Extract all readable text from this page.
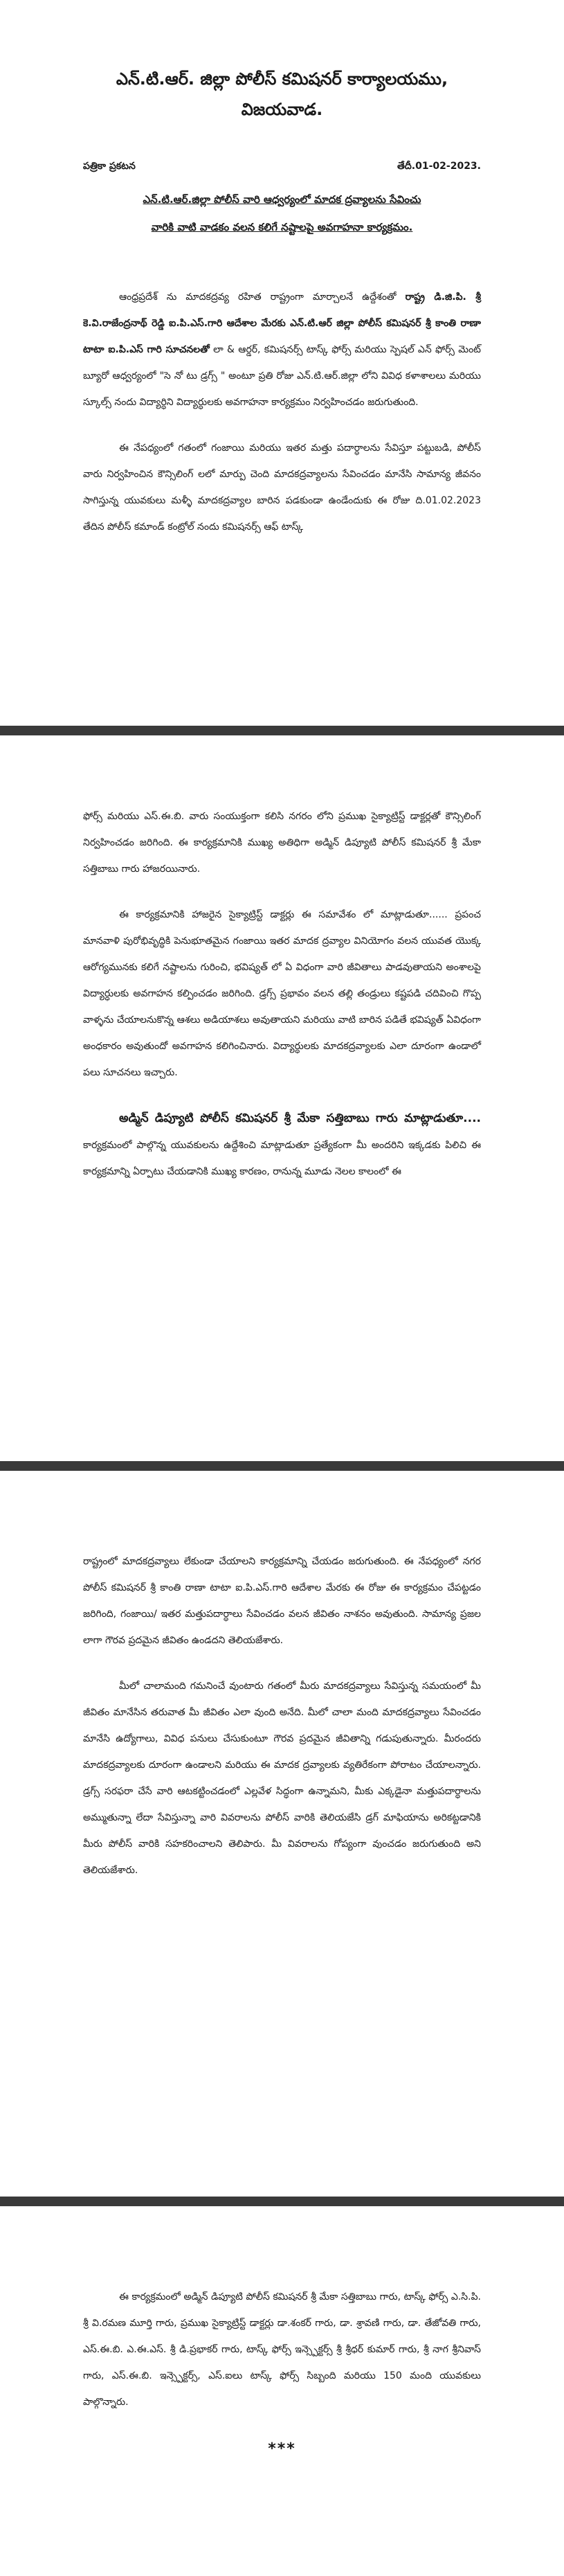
ఎన్.టి.ఆర్. జిల్లా పోలీస్ కమిషనర్ కార్యాలయము,
విజయవాడ.
పత్రికా ప్రకటన	తేదీ.01-02-2023.
ఎన్.టి.ఆర్.జిల్లా పోలీస్ వారి ఆధ్వర్యంలో మాదక ద్రవ్యాలను సేవించు
వారికి వాటి వాడకం వలన కలిగే నష్టాలపై అవగాహనా కార్యక్రమం.

ఆంధ్రప్రదేశ్ ను మాదకద్రవ్య రహిత రాష్ట్రంగా మార్చాలనే ఉద్దేశంతో రాష్ట్ర డి.జి.పి. శ్రీ కె.వి.రాజేంద్రనాథ్ రెడ్డి ఐ.పి.ఎస్.గారి ఆదేశాల మేరకు ఎన్.టి.ఆర్ జిల్లా పోలీస్ కమిషనర్ శ్రీ కాంతి రాణా టాటా ఐ.పి.ఎస్ గారి సూచనలతో లా & ఆర్డర్, కమిషనర్స్ టాస్క్ ఫోర్స్ మరియు స్పెషల్ ఎన్ ఫోర్స్ మెంట్ బ్యూరో ఆధ్వర్యంలో "సె నో టు డ్రగ్స్ " అంటూ ప్రతి రోజు ఎన్.టి.ఆర్.జిల్లా లోని వివిధ కళాశాలలు మరియు స్కూల్స్ నందు విద్యార్ధిని విద్యార్ధులకు అవగాహనా కార్యక్రమం నిర్వహించడం జరుగుతుంది.

ఈ నేపధ్యంలో గతంలో గంజాయి మరియు ఇతర మత్తు పదార్ధాలను సేవిస్తూ పట్టుబడి, పోలీస్ వారు నిర్వహించిన కౌన్సిలింగ్ లలో మార్పు చెంది మాదకద్రవ్యాలను సేవించడం మానేసి సామాన్య జీవనం సాగిస్తున్న యువకులు మళ్ళీ మాదకద్రవ్యాల బారిన పడకుండా ఉండేందుకు ఈ రోజు ది.01.02.2023 తేదిన పోలీస్ కమాండ్ కంట్రోల్ నందు కమిషనర్స్ ఆఫ్ టాస్క్

ఫోర్స్ మరియు ఎస్.ఈ.బి. వారు సంయుక్తంగా కలిసి నగరం లోని ప్రముఖ సైక్యాట్రిస్ట్ డాక్టర్లతో కౌన్సిలింగ్ నిర్వహించడం జరిగింది. ఈ కార్యక్రమానికి ముఖ్య అతిధిగా అడ్మిన్ డిప్యూటి పోలీస్ కమిషనర్ శ్రీ మేకా సత్తిబాబు గారు హాజరయినారు.

ఈ కార్యక్రమానికి హాజరైన సైక్యాట్రిస్ట్ డాక్టర్లు ఈ సమావేశం లో మాట్లాడుతూ...... ప్రపంచ మానవాళి పురోభివృద్ధికి పెనుభూతమైన గంజాయి ఇతర మాదక ద్రవ్యాల వినియోగం వలన యువత యొక్క ఆరోగ్యమునకు కలిగే నష్టాలను గురించి, భవిష్యత్ లో ఏ విధంగా వారి జీవితాలు పాడవుతాయని అంశాలపై విద్యార్ధులకు అవగాహన కల్పించడం జరిగింది. డ్రగ్స్ ప్రభావం వలన తల్లి తండ్రులు కష్టపడి చదివించి గొప్ప వాళ్ళను చేయాలనుకొన్న ఆశలు అడియాశలు అవుతాయని మరియు వాటి బారిన పడితే భవిష్యత్ ఏవిధంగా అంధకారం అవుతుందో అవగాహన కలిగించినారు. విద్యార్ధులకు మాదకద్రవ్యాలకు ఎలా దూరంగా ఉండాలో పలు సూచనలు ఇచ్చారు.

అడ్మిన్ డిప్యూటి పోలీస్ కమిషనర్ శ్రీ మేకా సత్తిబాబు గారు మాట్లాడుతూ.... కార్యక్రమంలో పాల్గొన్న యువకులను ఉద్దేశించి మాట్లాడుతూ ప్రత్యేకంగా మీ అందరిని ఇక్కడకు పిలిచి ఈ కార్యక్రమాన్ని ఏర్పాటు చేయడానికి ముఖ్య కారణం, రానున్న మూడు నెలల కాలంలో ఈ

రాష్ట్రంలో మాదకద్రవ్యాలు లేకుండా చేయాలని కార్యక్రమాన్ని చేయడం జరుగుతుంది. ఈ నేపధ్యంలో నగర పోలీస్ కమిషనర్ శ్రీ కాంతి రాణా టాటా ఐ.పి.ఎస్.గారి ఆదేశాల మేరకు ఈ రోజు ఈ కార్యక్రమం చేపట్టడం జరిగింది, గంజాయి/ ఇతర మత్తుపదార్ధాలు సేవించడం వలన జీవితం నాశనం అవుతుంది. సామాన్య ప్రజల లాగా గౌరవ ప్రదమైన జీవితం ఉండదని తెలియజేశారు.

మీలో చాలామంది గమనించే వుంటారు గతంలో మీరు మాదకద్రవ్యాలు సేవిస్తున్న సమయంలో మీ జీవితం మానేసిన తరువాత మీ జీవితం ఎలా వుంది అనేది. మీలో చాలా మంది మాదకద్రవ్యాలు సేవించడం మానేసి ఉద్యోగాలు, వివిధ పనులు చేసుకుంటూ గౌరవ ప్రదమైన జీవితాన్ని గడుపుతున్నారు. మీరందరు మాదకద్రవ్యాలకు దూరంగా ఉండాలని మరియు ఈ మాదక ద్రవ్యాలకు వ్యతిరేకంగా పోరాటం చేయాలన్నారు. డ్రగ్స్ సరఫరా చేసే వారి ఆటకట్టించడంలో ఎల్లవేళ సిద్ధంగా ఉన్నామని, మీకు ఎక్కడైనా మత్తుపదార్ధాలను అమ్ముతున్నా లేదా సేవిస్తున్నా వారి వివరాలను పోలీస్ వారికి తెలియజేసి డ్రగ్ మాఫియాను అరికట్టడానికి మీరు పోలీస్ వారికి సహకరించాలని తెలిపారు. మీ వివరాలను గోప్యంగా వుంచడం జరుగుతుంది అని తెలియజేశారు.

ఈ కార్యక్రమంలో అడ్మిన్ డిప్యూటి పోలీస్ కమిషనర్ శ్రీ మేకా సత్తిబాబు గారు, టాస్క్ ఫోర్స్ ఎ.సి.పి. శ్రీ వి.రమణ మూర్తి గారు, ప్రముఖ సైక్యాట్రిస్ట్ డాక్టర్లు డా.శంకర్ గారు, డా. శ్రావణి గారు, డా. తేజోవతి గారు, ఎస్.ఈ.బి. ఎ.ఈ.ఎస్. శ్రీ డి.ప్రభాకర్ గారు, టాస్క్ ఫోర్స్ ఇన్స్పెక్టర్స్ శ్రీ శ్రీధర్ కుమార్ గారు, శ్రీ నాగ శ్రీనివాస్ గారు, ఎస్.ఈ.బి. ఇన్స్పెక్టర్స్, ఎస్.ఐలు టాస్క్ ఫోర్స్ సిబ్బంది మరియు 150 మంది యువకులు పాల్గొన్నారు.

***
